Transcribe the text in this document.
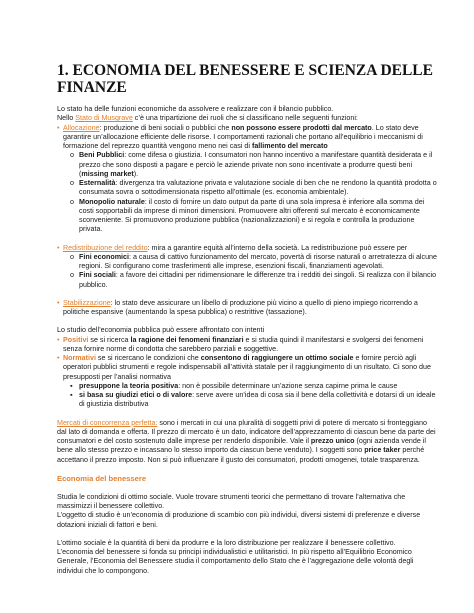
1. ECONOMIA DEL BENESSERE E SCIENZA DELLE FINANZE

Lo stato ha delle funzioni economiche da assolvere e realizzare con il bilancio pubblico.

Nello Stato di Musgrave c’è una tripartizione dei ruoli che si classificano nelle seguenti funzioni:

• Allocazione: produzione di beni sociali o pubblici che non possono essere prodotti dal mercato. Lo stato deve garantire un’allocazione efficiente delle risorse. I comportamenti razionali che portano all’equilibrio i meccanismi di formazione del reprezzo quantità vengono meno nei casi di fallimento del mercato

o Beni Pubblici: come difesa o giustizia. I consumatori non hanno incentivo a manifestare quantità desiderata e il prezzo che sono disposti a pagare e perciò le aziende private non sono incentivate a produrre questi beni (missing market).

o Esternalità: divergenza tra valutazione privata e valutazione sociale di ben che ne rendono la quantità prodotta o consumata sovra o sottodimensionata rispetto all’ottimale (es. economia ambientale).

o Monopolio naturale: il costo di fornire un dato output da parte di una sola impresa è inferiore alla somma dei costi sopportabili da imprese di minori dimensioni. Promuovere altri offerenti sul mercato è economicamente sconveniente. Si promuovono produzione pubblica (nazionalizzazioni) e si regola e controlla la produzione privata.

• Redistribuzione del reddito: mira a garantire equità all’interno della società. La redistribuzione può essere per

o Fini economici: a causa di cattivo funzionamento del mercato, povertà di risorse naturali o arretratezza di alcune regioni. Si configurano come trasferimenti alle imprese, esenzioni fiscali, finanziamenti agevolati.

o Fini sociali: a favore dei cittadini per ridimensionare le differenze tra i redditi dei singoli. Si realizza con il bilancio pubblico.

• Stabilizzazione: lo stato deve assicurare un libello di produzione più vicino a quello di pieno impiego ricorrendo a politiche espansive (aumentando la spesa pubblica) o restrittive (tassazione).

Lo studio dell’economia pubblica può essere affrontato con intenti

• Positivi se si ricerca la ragione dei fenomeni finanziari e si studia quindi il manifestarsi e svolgersi dei fenomeni senza fornire norme di condotta che sarebbero parziali e soggettive.

• Normativi se si ricercano le condizioni che consentono di raggiungere un ottimo sociale e fornire perciò agli operatori pubblici strumenti e regole indispensabili all’attività statale per il raggiungimento di un risultato. Ci sono due presupposti per l’analisi normativa

▪ presuppone la teoria positiva: non è possibile determinare un’azione senza capirne prima le cause

▪ si basa su giudizi etici o di valore: serve avere un’idea di cosa sia il bene della collettività e dotarsi di un ideale di giustizia distributiva

Mercati di concorrenza perfetta: sono i mercati in cui una pluralità di soggetti privi di potere di mercato si fronteggiano dal lato di domanda e offerta. Il prezzo di mercato è un dato, indicatore dell’apprezzamento di ciascun bene da parte dei consumatori e del costo sostenuto dalle imprese per renderlo disponibile. Vale il prezzo unico (ogni azienda vende il bene allo stesso prezzo e incassano lo stesso importo da ciascun bene venduto). I soggetti sono price taker perché accettano il prezzo imposto. Non si può influenzare il gusto dei consumatori, prodotti omogenei, totale trasparenza.

Economia del benessere

Studia le condizioni di ottimo sociale. Vuole trovare strumenti teorici che permettano di trovare l’alternativa che massimizzi il benessere collettivo.

L’oggetto di studio è un’economia di produzione di scambio con più individui, diversi sistemi di preferenze e diverse dotazioni iniziali di fattori e beni.

L’ottimo sociale è la quantità di beni da produrre e la loro distribuzione per realizzare il benessere collettivo.

L’economia del benessere si fonda su principi individualistici e utilitaristici. In più rispetto all’Equilibrio Economico Generale, l’Economia del Benessere studia il comportamento dello Stato che è l’aggregazione delle volontà degli individui che lo compongono.
